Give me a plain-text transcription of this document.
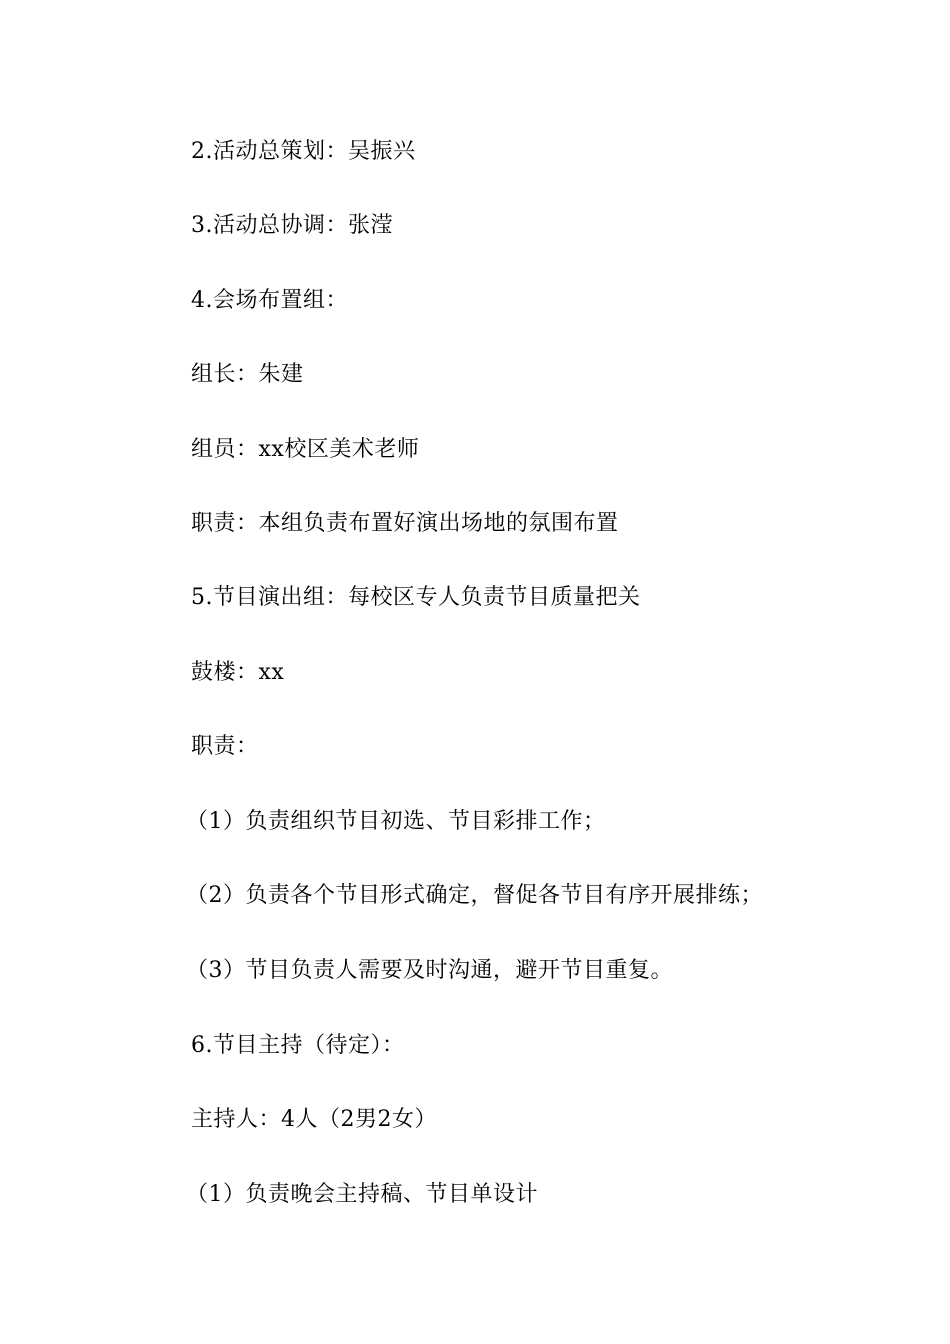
2.活动总策划：吴振兴
3.活动总协调：张滢
4.会场布置组：
组长：朱建
组员：xx校区美术老师
职责：本组负责布置好演出场地的氛围布置
5.节目演出组：每校区专人负责节目质量把关
鼓楼：xx
职责：
（1）负责组织节目初选、节目彩排工作；
（2）负责各个节目形式确定，督促各节目有序开展排练；
（3）节目负责人需要及时沟通，避开节目重复。
6.节目主持（待定）：
主持人：4人（2男2女）
（1）负责晚会主持稿、节目单设计
